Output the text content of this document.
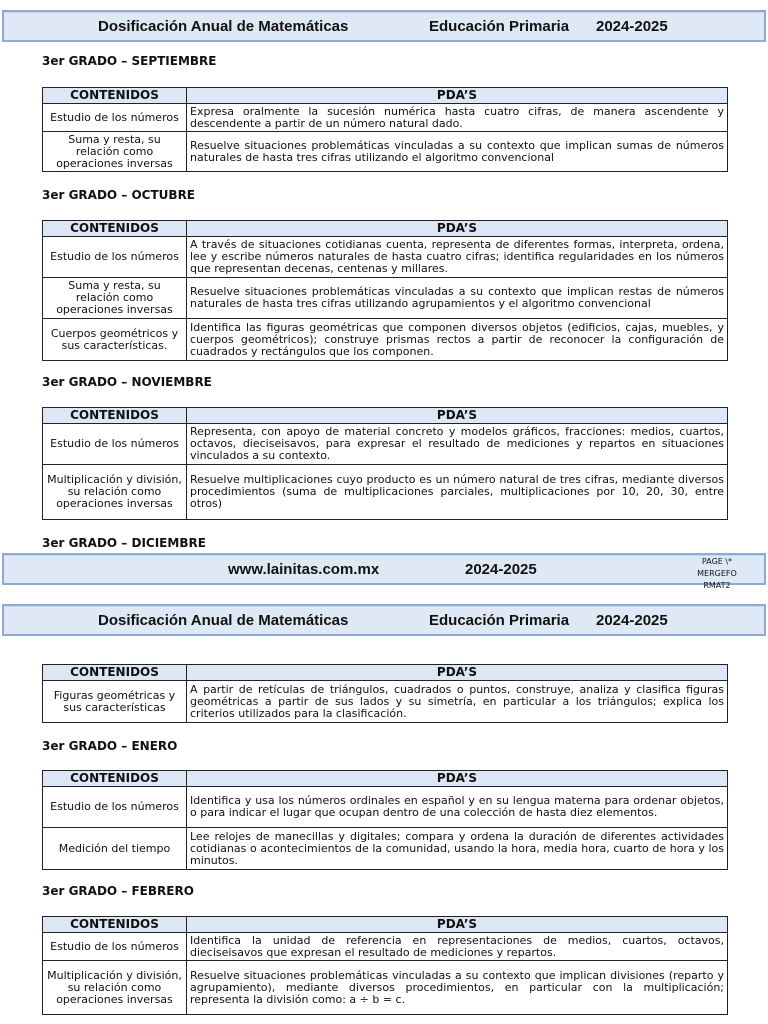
Dosificación Anual de Matemáticas	Educación Primaria 2024-2025
3er GRADO – SEPTIEMBRE
CONTENIDOS	PDA’S
Estudio de los números	Expresa oralmente la sucesión numérica hasta cuatro cifras, de manera ascendente y descendente a partir de un número natural dado.
Suma y resta, su relación como operaciones inversas	Resuelve situaciones problemáticas vinculadas a su contexto que implican sumas de números naturales de hasta tres cifras utilizando el algoritmo convencional
3er GRADO – OCTUBRE
CONTENIDOS	PDA’S
Estudio de los números	A través de situaciones cotidianas cuenta, representa de diferentes formas, interpreta, ordena, lee y escribe números naturales de hasta cuatro cifras; identifica regularidades en los números que representan decenas, centenas y millares.
Suma y resta, su relación como operaciones inversas	Resuelve situaciones problemáticas vinculadas a su contexto que implican restas de números naturales de hasta tres cifras utilizando agrupamientos y el algoritmo convencional
Cuerpos geométricos y sus características.	Identifica las figuras geométricas que componen diversos objetos (edificios, cajas, muebles, y cuerpos geométricos); construye prismas rectos a partir de reconocer la configuración de cuadrados y rectángulos que los componen.
3er GRADO – NOVIEMBRE
CONTENIDOS	PDA’S
Estudio de los números	Representa, con apoyo de material concreto y modelos gráficos, fracciones: medios, cuartos, octavos, dieciseisavos, para expresar el resultado de mediciones y repartos en situaciones vinculados a su contexto.
Multiplicación y división, su relación como operaciones inversas	Resuelve multiplicaciones cuyo producto es un número natural de tres cifras, mediante diversos procedimientos (suma de multiplicaciones parciales, multiplicaciones por 10, 20, 30, entre otros)
3er GRADO – DICIEMBRE
www.lainitas.com.mx	2024-2025	PAGE \*
MERGEFO
RMAT2
Dosificación Anual de Matemáticas	Educación Primaria 2024-2025
CONTENIDOS	PDA’S
Figuras geométricas y sus características	A partir de retículas de triángulos, cuadrados o puntos, construye, analiza y clasifica figuras geométricas a partir de sus lados y su simetría, en particular a los triángulos; explica los criterios utilizados para la clasificación.
3er GRADO – ENERO
CONTENIDOS	PDA’S
Estudio de los números	Identifica y usa los números ordinales en español y en su lengua materna para ordenar objetos, o para indicar el lugar que ocupan dentro de una colección de hasta diez elementos.
Medición del tiempo	Lee relojes de manecillas y digitales; compara y ordena la duración de diferentes actividades cotidianas o acontecimientos de la comunidad, usando la hora, media hora, cuarto de hora y los minutos.
3er GRADO – FEBRERO
CONTENIDOS	PDA’S
Estudio de los números	Identifica la unidad de referencia en representaciones de medios, cuartos, octavos, dieciseisavos que expresan el resultado de mediciones y repartos.
Multiplicación y división, su relación como operaciones inversas	Resuelve situaciones problemáticas vinculadas a su contexto que implican divisiones (reparto y agrupamiento), mediante diversos procedimientos, en particular con la multiplicación; representa la división como: a ÷ b = c.
